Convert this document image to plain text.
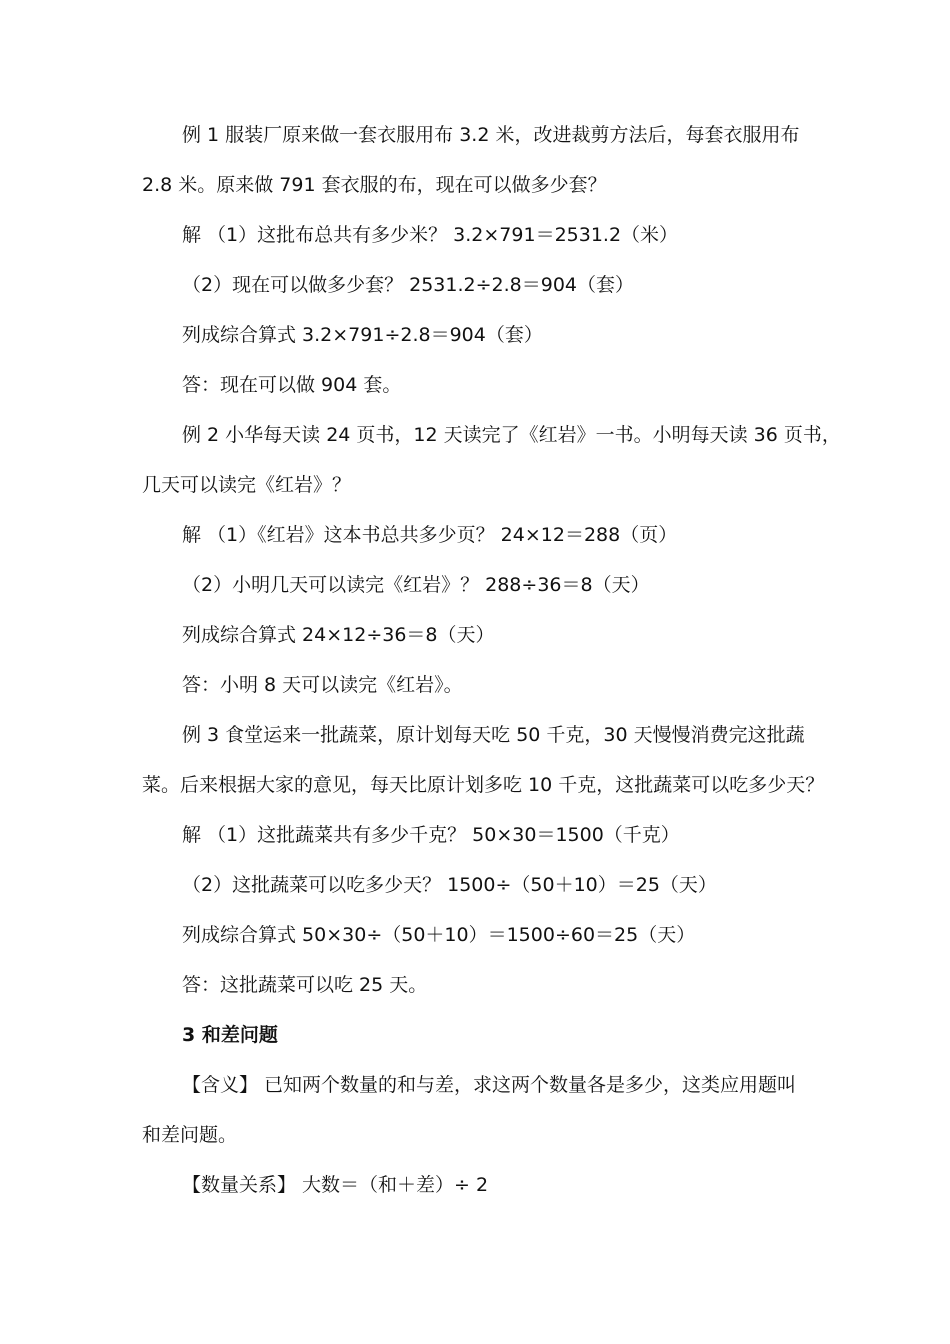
例 1 服装厂原来做一套衣服用布 3.2 米，改进裁剪方法后，每套衣服用布
2.8 米。原来做 791 套衣服的布，现在可以做多少套？
解 （1）这批布总共有多少米？ 3.2×791＝2531.2（米）
（2）现在可以做多少套？ 2531.2÷2.8＝904（套）
列成综合算式 3.2×791÷2.8＝904（套）
答：现在可以做 904 套。
例 2 小华每天读 24 页书，12 天读完了《红岩》一书。小明每天读 36 页书，
几天可以读完《红岩》？
解 （1）《红岩》这本书总共多少页？ 24×12＝288（页）
（2）小明几天可以读完《红岩》？ 288÷36＝8（天）
列成综合算式 24×12÷36＝8（天）
答：小明 8 天可以读完《红岩》。
例 3 食堂运来一批蔬菜，原计划每天吃 50 千克，30 天慢慢消费完这批蔬
菜。后来根据大家的意见，每天比原计划多吃 10 千克，这批蔬菜可以吃多少天？
解 （1）这批蔬菜共有多少千克？ 50×30＝1500（千克）
（2）这批蔬菜可以吃多少天？ 1500÷（50＋10）＝25（天）
列成综合算式 50×30÷（50＋10）＝1500÷60＝25（天）
答：这批蔬菜可以吃 25 天。
3 和差问题
【含义】 已知两个数量的和与差，求这两个数量各是多少，这类应用题叫
和差问题。
【数量关系】 大数＝（和＋差）÷ 2
